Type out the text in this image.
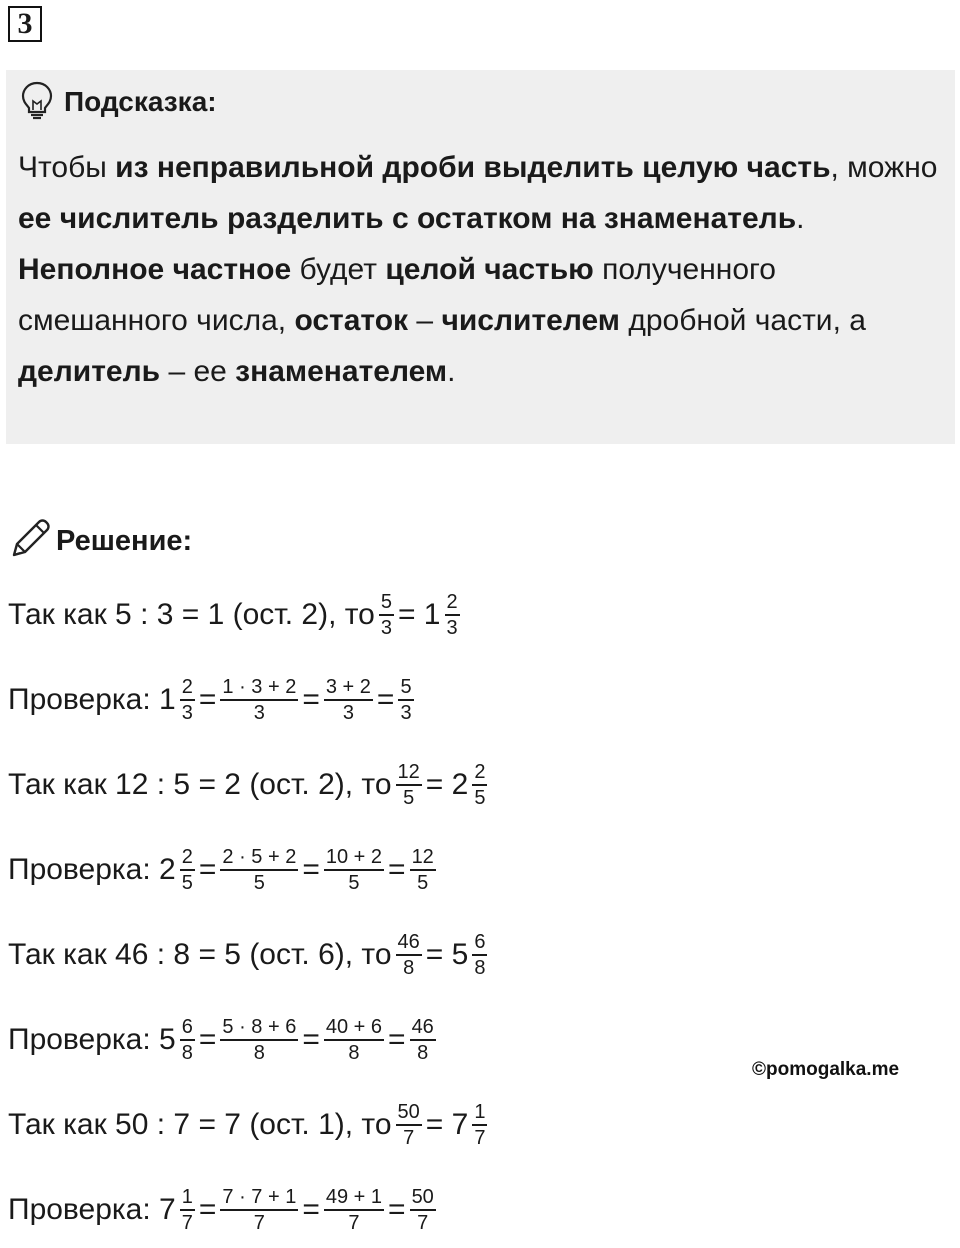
3
Подсказка:
Чтобы из неправильной дроби выделить целую часть, можно ее числитель разделить с остатком на знаменатель. Неполное частное будет целой частью полученного смешанного числа, остаток – числителем дробной части, а делитель – ее знаменателем.
Решение:
Так как 5 : 3 = 1 (ост. 2), то $\frac{5}{3} = 1 \frac{2}{3}$
Проверка: $1 \frac{2}{3} = \frac{1 \cdot 3 + 2}{3} = \frac{3 + 2}{3} = \frac{5}{3}$
Так как 12 : 5 = 2 (ост. 2), то $\frac{12}{5} = 2 \frac{2}{5}$
Проверка: $2 \frac{2}{5} = \frac{2 \cdot 5 + 2}{5} = \frac{10 + 2}{5} = \frac{12}{5}$
Так как 46 : 8 = 5 (ост. 6), то $\frac{46}{8} = 5 \frac{6}{8}$
Проверка: $5 \frac{6}{8} = \frac{5 \cdot 8 + 6}{8} = \frac{40 + 6}{8} = \frac{46}{8}$
Так как 50 : 7 = 7 (ост. 1), то $\frac{50}{7} = 7 \frac{1}{7}$
Проверка: $7 \frac{1}{7} = \frac{7 \cdot 7 + 1}{7} = \frac{49 + 1}{7} = \frac{50}{7}$
©pomogalka.me
